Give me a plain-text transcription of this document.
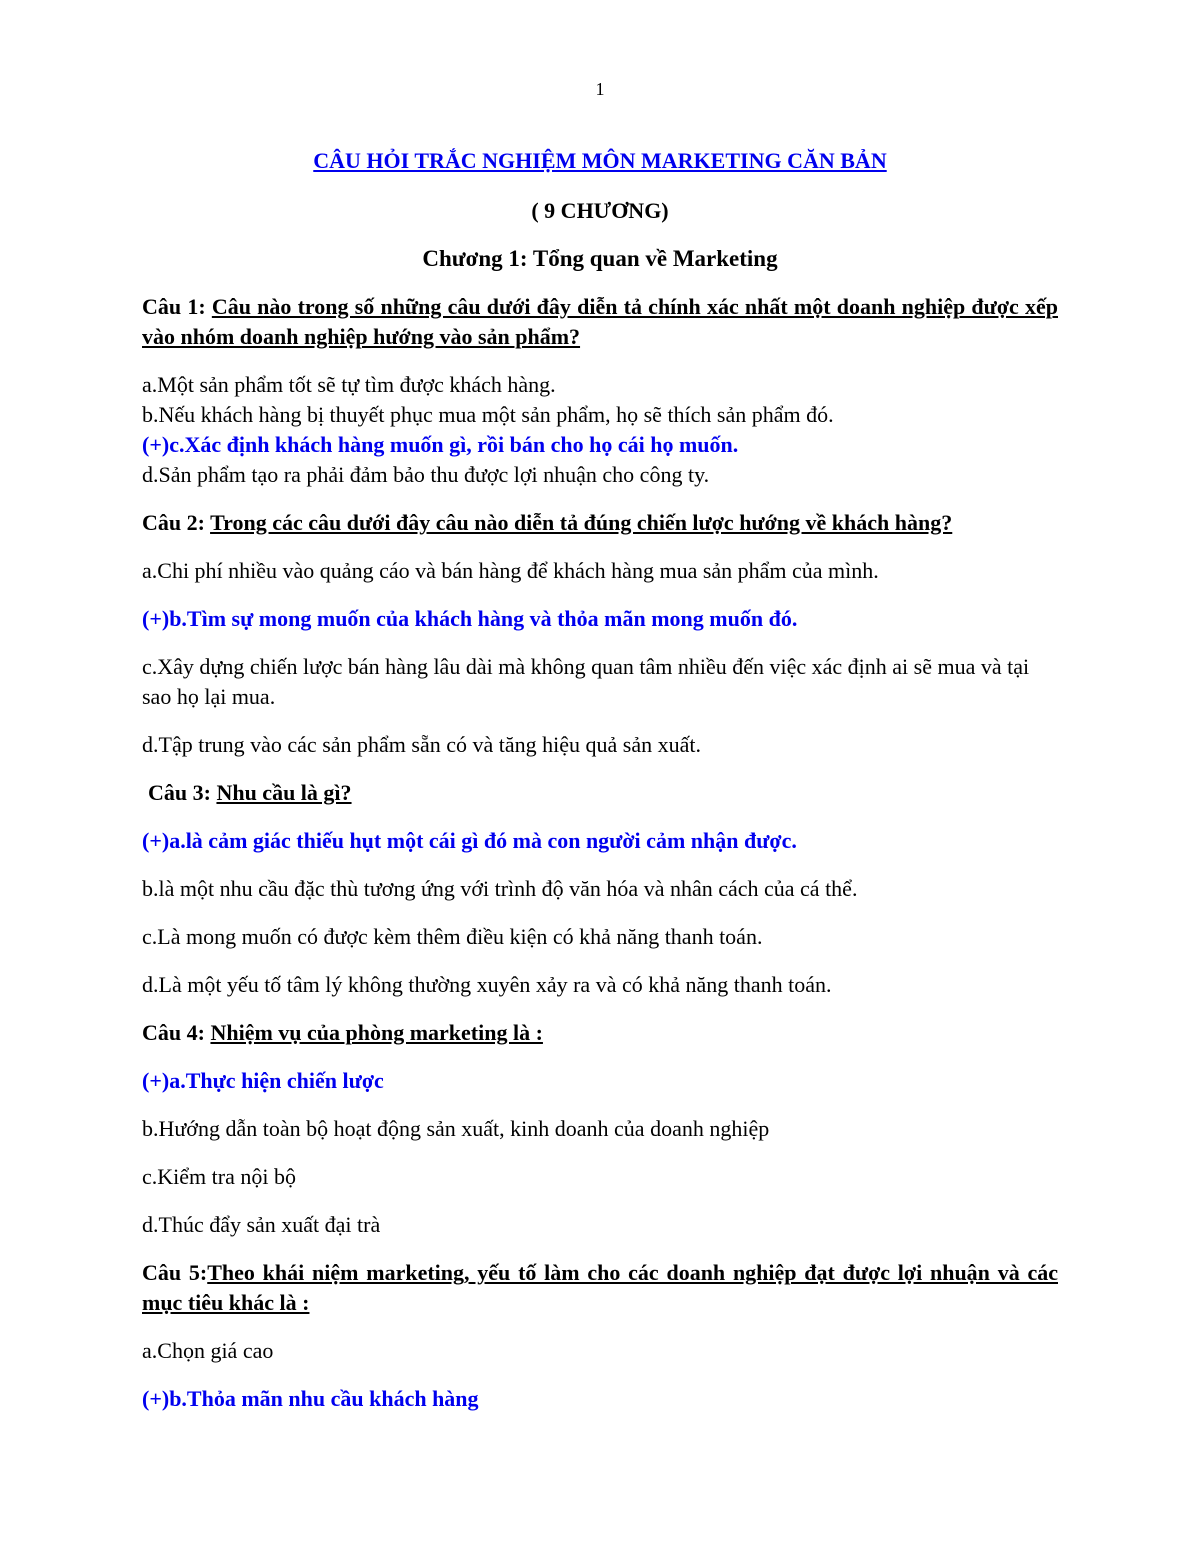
1
CÂU HỎI TRẮC NGHIỆM MÔN MARKETING CĂN BẢN
( 9 CHƯƠNG)
Chương 1: Tổng quan về Marketing
Câu 1: Câu nào trong số những câu dưới đây diễn tả chính xác nhất một doanh nghiệp được xếp vào nhóm doanh nghiệp hướng vào sản phẩm?
a.Một sản phẩm tốt sẽ tự tìm được khách hàng.
b.Nếu khách hàng bị thuyết phục mua một sản phẩm, họ sẽ thích sản phẩm đó.
(+)c.Xác định khách hàng muốn gì, rồi bán cho họ cái họ muốn.
d.Sản phẩm tạo ra phải đảm bảo thu được lợi nhuận cho công ty.
Câu 2: Trong các câu dưới đây câu nào diễn tả đúng chiến lược hướng về khách hàng?
a.Chi phí nhiều vào quảng cáo và bán hàng để khách hàng mua sản phẩm của mình.
(+)b.Tìm sự mong muốn của khách hàng và thỏa mãn mong muốn đó.
c.Xây dựng chiến lược bán hàng lâu dài mà không quan tâm nhiều đến việc xác định ai sẽ mua và tại sao họ lại mua.
d.Tập trung vào các sản phẩm sẵn có và tăng hiệu quả sản xuất.
Câu 3: Nhu cầu là gì?
(+)a.là cảm giác thiếu hụt một cái gì đó mà con người cảm nhận được.
b.là một nhu cầu đặc thù tương ứng với trình độ văn hóa và nhân cách của cá thể.
c.Là mong muốn có được kèm thêm điều kiện có khả năng thanh toán.
d.Là một yếu tố tâm lý không thường xuyên xảy ra và có khả năng thanh toán.
Câu 4: Nhiệm vụ của phòng marketing là :
(+)a.Thực hiện chiến lược
b.Hướng dẫn toàn bộ hoạt động sản xuất, kinh doanh của doanh nghiệp
c.Kiểm tra nội bộ
d.Thúc đẩy sản xuất đại trà
Câu 5:Theo khái niệm marketing, yếu tố làm cho các doanh nghiệp đạt được lợi nhuận và các mục tiêu khác là :
a.Chọn giá cao
(+)b.Thỏa mãn nhu cầu khách hàng
